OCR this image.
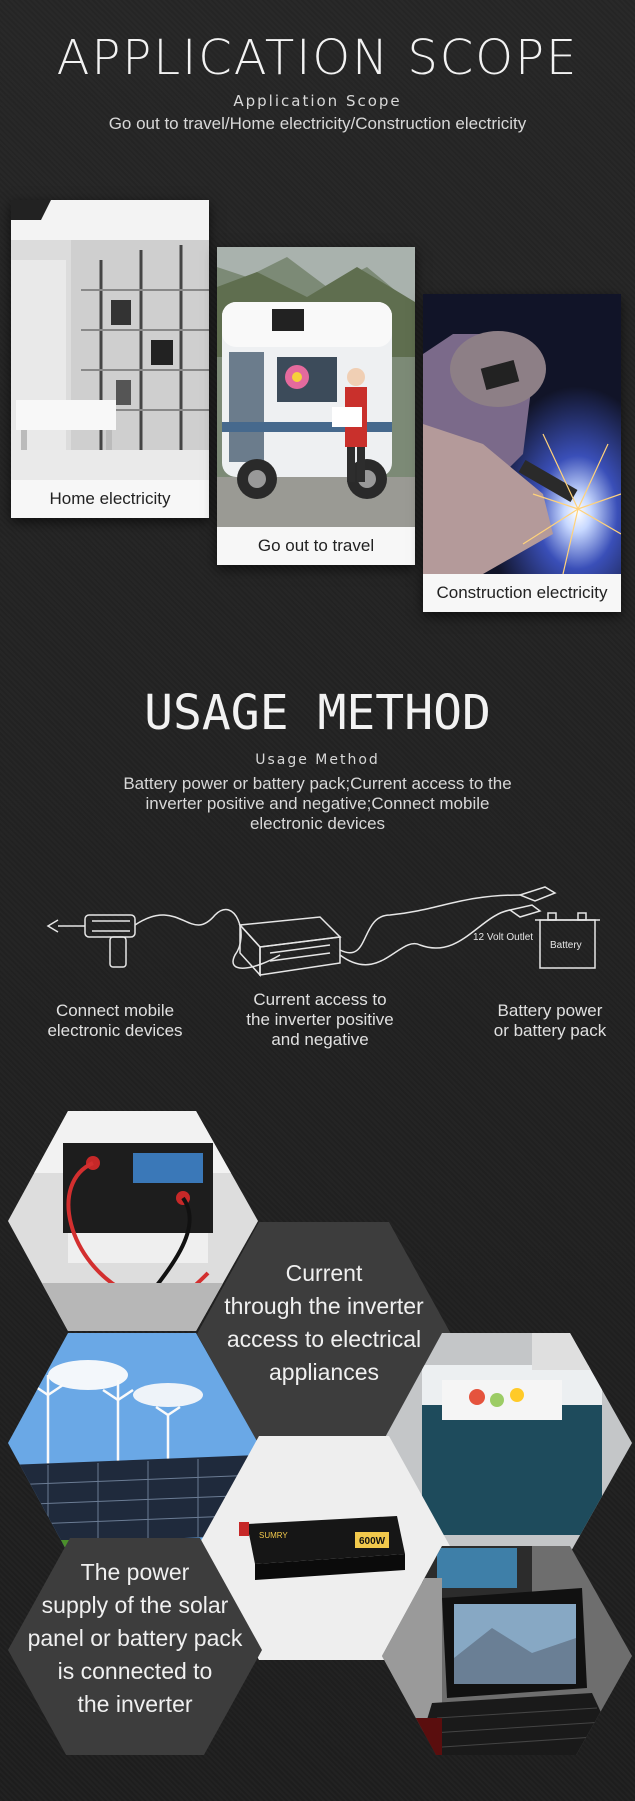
APPLICATION SCOPE
Application Scope
Go out to travel/Home electricity/Construction electricity
Home electricity
Go out to travel
Construction electricity
USAGE METHOD
Usage Method
Battery power or battery pack;Current access to the
inverter positive and negative;Connect mobile
electronic devices
12 Volt Outlet
Battery
Connect mobile
electronic devices
Current access to
the inverter positive
and negative
Battery power
or battery pack
SUMRY
600W
Current
through the inverter
access to electrical
appliances
The power
supply of the solar
panel or battery pack
is connected to
the inverter
